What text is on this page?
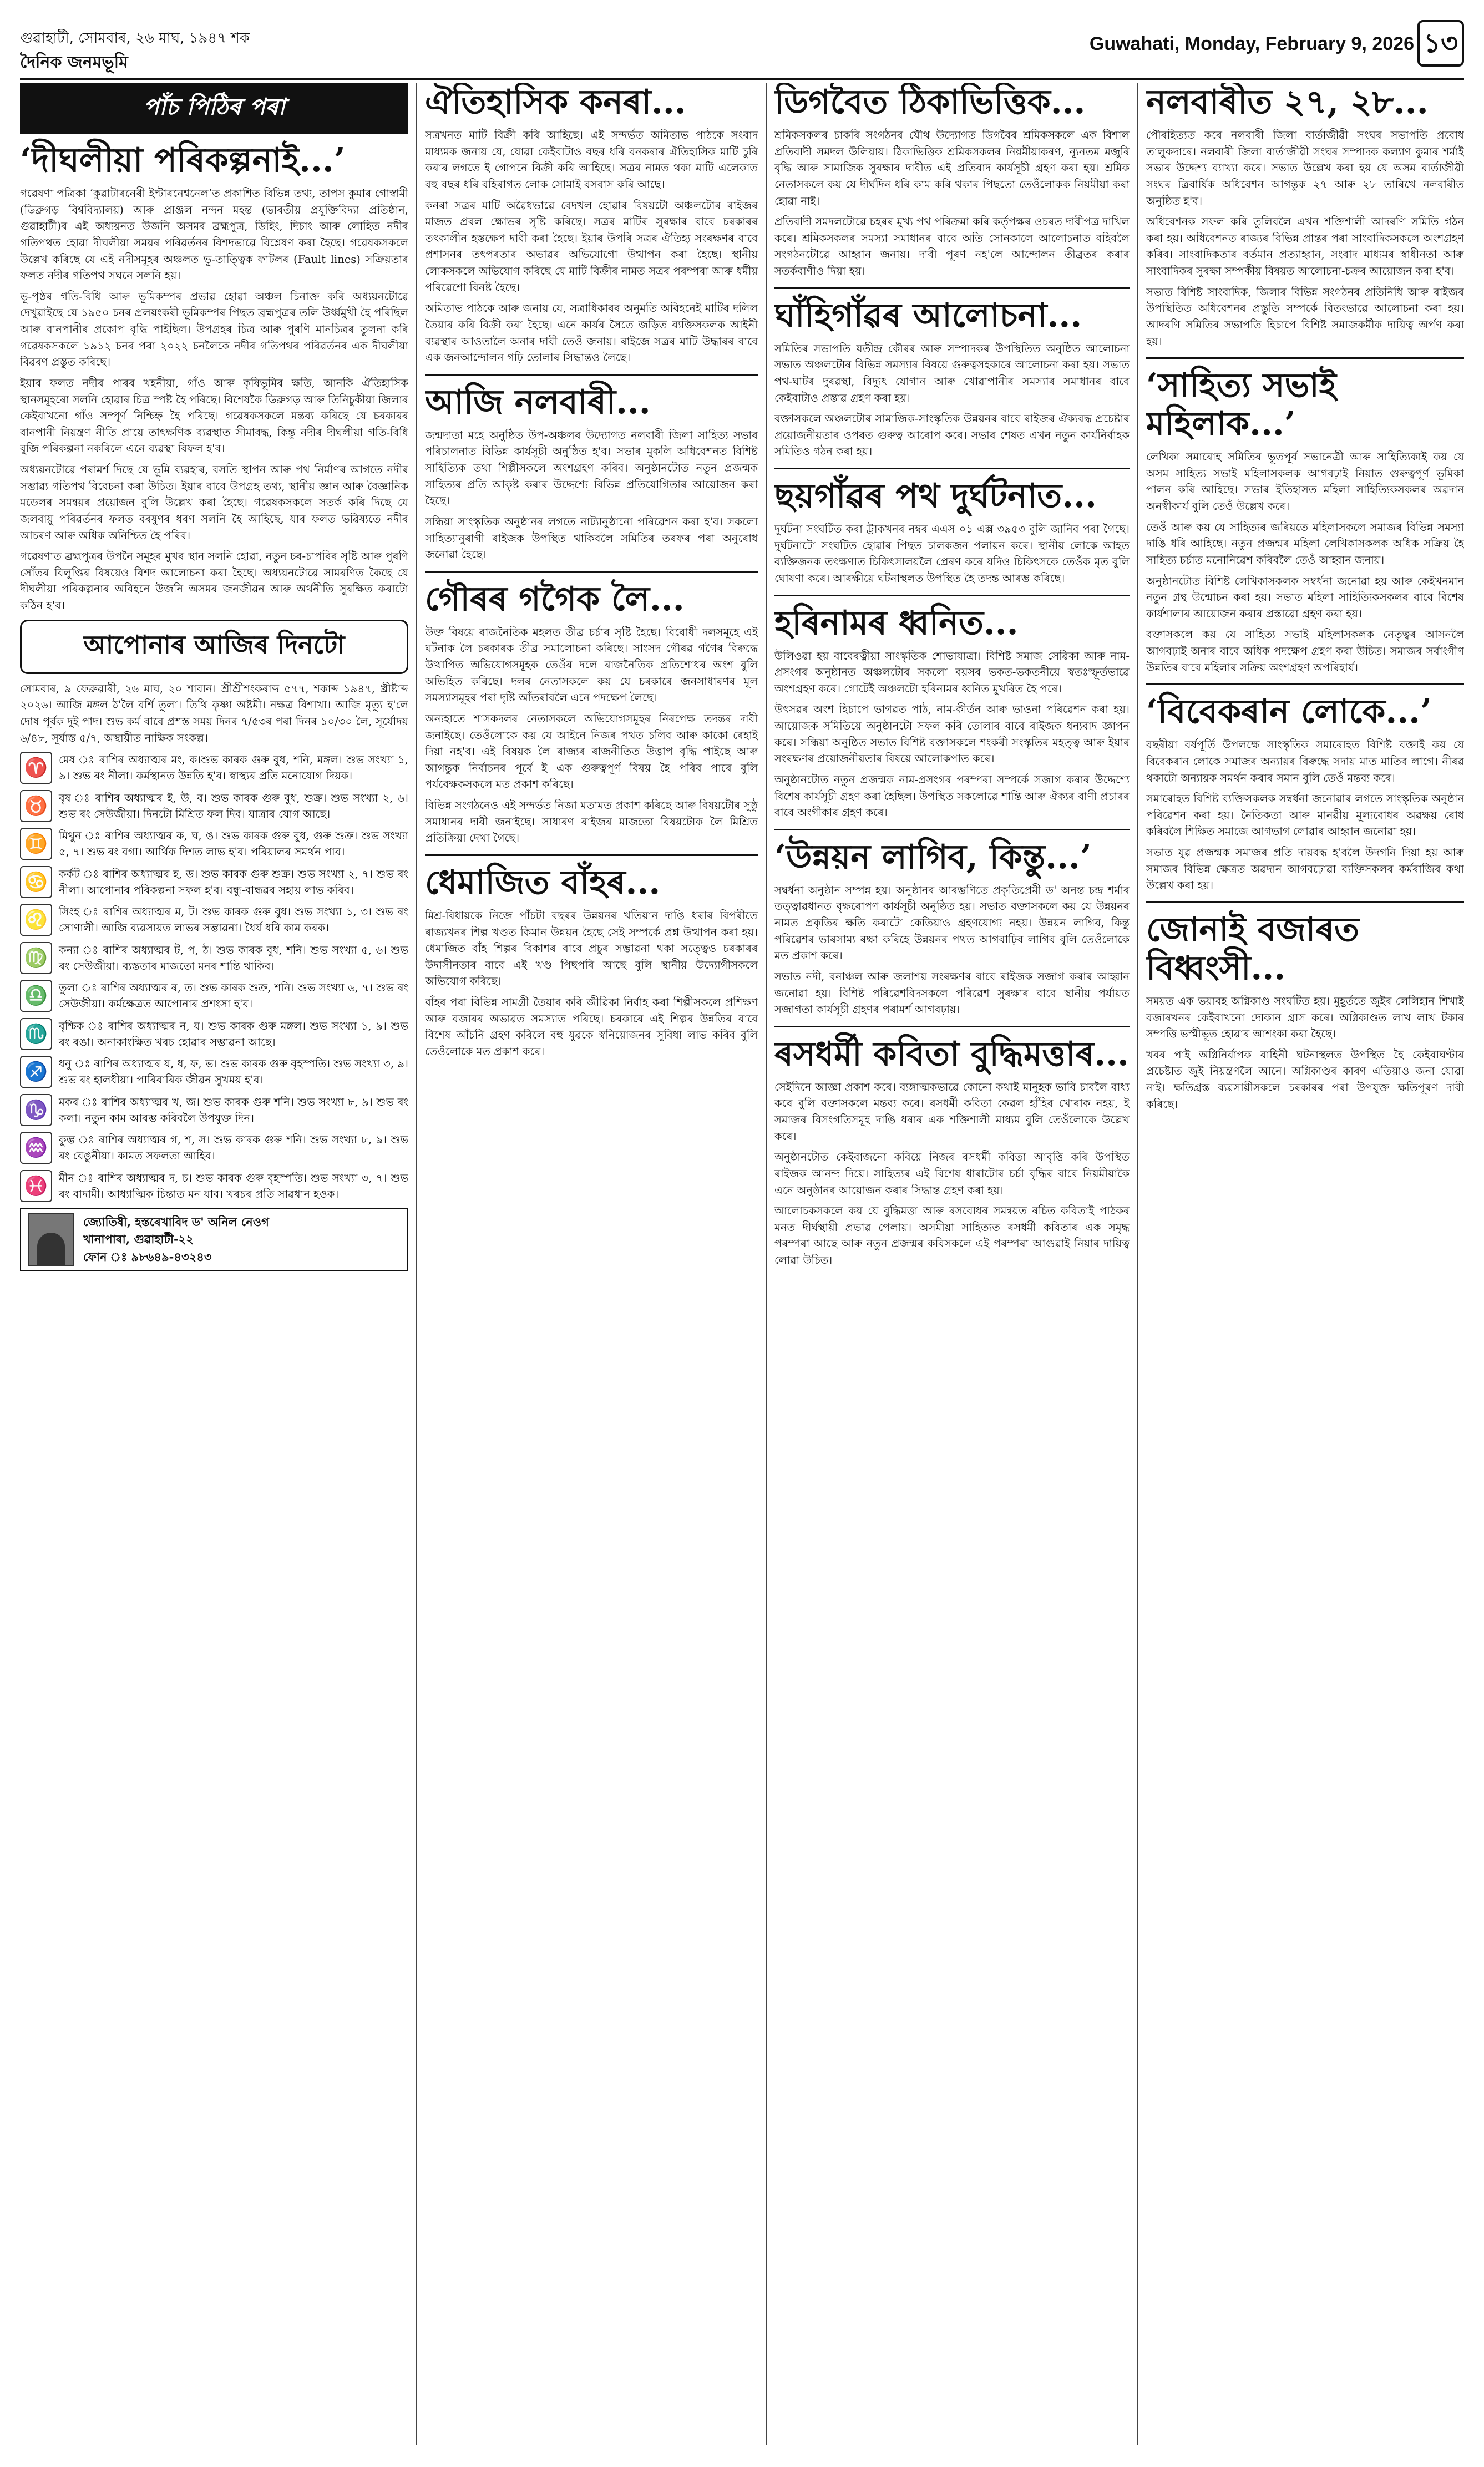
গুৱাহাটী, সোমবাৰ, ২৬ মাঘ, ১৯৪৭ শক
দৈনিক জনমভূমি
Guwahati, Monday, February 9, 2026 ১৩
পাঁচ পিঠিৰ পৰা
‘দীঘলীয়া পৰিকল্পনাই...’

গৱেষণা পত্ৰিকা ‘কুৱাটাৰনেৰী ইণ্টাৰনেশ্বনেল’ত প্ৰকাশিত বিভিন্ন তথ্য, তাপস কুমাৰ গোস্বামী (ডিব্ৰুগড় বিশ্ববিদ্যালয়) আৰু প্ৰাঞ্জল নন্দন মহন্ত (ভাৰতীয় প্ৰযুক্তিবিদ্যা প্ৰতিষ্ঠান, গুৱাহাটী)ৰ এই অধ্যয়নত উজনি অসমৰ ব্ৰহ্মপুত্ৰ, ডিহিং, দিচাং আৰু লোহিত নদীৰ গতিপথত হোৱা দীঘলীয়া সময়ৰ পৰিৱৰ্তনৰ বিশদভাৱে বিশ্লেষণ কৰা হৈছে। গৱেষকসকলে উল্লেখ কৰিছে যে এই নদীসমূহৰ অঞ্চলত ভূ-তাত্ত্বিক ফাটলৰ (Fault lines) সক্ৰিয়তাৰ ফলত নদীৰ গতিপথ সঘনে সলনি হয়।

ভূ-পৃষ্ঠৰ গতি-বিধি আৰু ভূমিকম্পৰ প্ৰভাৱ হোৱা অঞ্চল চিনাক্ত কৰি অধ্যয়নটোৱে দেখুৱাইছে যে ১৯৫০ চনৰ প্ৰলয়ংকৰী ভূমিকম্পৰ পিছত ব্ৰহ্মপুত্ৰৰ তলি উৰ্ধ্বমুখী হৈ পৰিছিল আৰু বানপানীৰ প্ৰকোপ বৃদ্ধি পাইছিল। উপগ্ৰহৰ চিত্ৰ আৰু পুৰণি মানচিত্ৰৰ তুলনা কৰি গৱেষকসকলে ১৯১২ চনৰ পৰা ২০২২ চনলৈকে নদীৰ গতিপথৰ পৰিৱৰ্তনৰ এক দীঘলীয়া বিৱৰণ প্ৰস্তুত কৰিছে।

ইয়াৰ ফলত নদীৰ পাৰৰ খহনীয়া, গাঁও আৰু কৃষিভূমিৰ ক্ষতি, আনকি ঐতিহাসিক স্থানসমূহৰো সলনি হোৱাৰ চিত্ৰ স্পষ্ট হৈ পৰিছে। বিশেষকৈ ডিব্ৰুগড় আৰু তিনিচুকীয়া জিলাৰ কেইবাখনো গাঁও সম্পূৰ্ণ নিশ্চিহ্ন হৈ পৰিছে। গৱেষকসকলে মন্তব্য কৰিছে যে চৰকাৰৰ বানপানী নিয়ন্ত্ৰণ নীতি প্ৰায়ে তাৎক্ষণিক ব্যৱস্থাত সীমাবদ্ধ, কিন্তু নদীৰ দীঘলীয়া গতি-বিধি বুজি পৰিকল্পনা নকৰিলে এনে ব্যৱস্থা বিফল হ'ব।

অধ্যয়নটোৱে পৰামৰ্শ দিছে যে ভূমি ব্যৱহাৰ, বসতি স্থাপন আৰু পথ নিৰ্মাণৰ আগতে নদীৰ সম্ভাৱ্য গতিপথ বিবেচনা কৰা উচিত। ইয়াৰ বাবে উপগ্ৰহ তথ্য, স্থানীয় জ্ঞান আৰু বৈজ্ঞানিক মডেলৰ সমন্বয়ৰ প্ৰয়োজন বুলি উল্লেখ কৰা হৈছে। গৱেষকসকলে সতৰ্ক কৰি দিছে যে জলবায়ু পৰিৱৰ্তনৰ ফলত বৰষুণৰ ধৰণ সলনি হৈ আহিছে, যাৰ ফলত ভৱিষ্যতে নদীৰ আচৰণ আৰু অধিক অনিশ্চিত হৈ পৰিব।

গৱেষণাত ব্ৰহ্মপুত্ৰৰ উপনৈ সমূহৰ মুখৰ স্থান সলনি হোৱা, নতুন চৰ-চাপৰিৰ সৃষ্টি আৰু পুৰণি সোঁতৰ বিলুপ্তিৰ বিষয়েও বিশদ আলোচনা কৰা হৈছে। অধ্যয়নটোৱে সামৰণিত কৈছে যে দীঘলীয়া পৰিকল্পনাৰ অবিহনে উজনি অসমৰ জনজীৱন আৰু অৰ্থনীতি সুৰক্ষিত কৰাটো কঠিন হ'ব।

আপোনাৰ আজিৰ দিনটো
সোমবাৰ, ৯ ফেব্ৰুৱাৰী, ২৬ মাঘ, ২০ শাবান। শ্ৰীশ্ৰীশংকৰাব্দ ৫৭৭, শকাব্দ ১৯৪৭, খ্ৰীষ্টাব্দ ২০২৬। আজি মঙ্গল ঠ'লৈ বৰ্শি তুলা। তিথি কৃষ্ণা অষ্টমী। নক্ষত্ৰ বিশাখা। আজি মৃত্যু হ'লে দোষ পূৰ্বক দুই পাদ। শুভ কৰ্ম বাবে প্ৰশস্ত সময় দিনৰ ৭/৫৩ৰ পৰা দিনৰ ১০/৩০ লৈ, সূৰ্যোদয় ৬/৪৮, সূৰ্যাস্ত ৫/৭, অস্থায়ীত নাক্ষিক সংকল্প।
♈	মেষ ঃ ৰাশিৰ অধ্যাত্মৰ মং, ক।শুভ কাৰক গুৰু বুধ, শনি, মঙ্গল। শুভ সংখ্যা ১, ৯। শুভ ৰং নীলা। কৰ্মস্থানত উন্নতি হ'ব। স্বাস্থ্যৰ প্ৰতি মনোযোগ দিয়ক।
♉	বৃষ ঃ ৰাশিৰ অধ্যাত্মৰ ই, উ, ব। শুভ কাৰক গুৰু বুধ, শুক্ৰ। শুভ সংখ্যা ২, ৬। শুভ ৰং সেউজীয়া। দিনটো মিশ্ৰিত ফল দিব। যাত্ৰাৰ যোগ আছে।
♊	মিথুন ঃ ৰাশিৰ অধ্যাত্মৰ ক, ঘ, ঙ। শুভ কাৰক গুৰু বুধ, গুৰু শুক্ৰ। শুভ সংখ্যা ৫, ৭। শুভ ৰং বগা। আৰ্থিক দিশত লাভ হ'ব। পৰিয়ালৰ সমৰ্থন পাব।
♋	কৰ্কট ঃ ৰাশিৰ অধ্যাত্মৰ হ, ড। শুভ কাৰক গুৰু শুক্ৰ। শুভ সংখ্যা ২, ৭। শুভ ৰং নীলা। আপোনাৰ পৰিকল্পনা সফল হ'ব। বন্ধু-বান্ধৱৰ সহায় লাভ কৰিব।
♌	সিংহ ঃ ৰাশিৰ অধ্যাত্মৰ ম, ট। শুভ কাৰক গুৰু বুধ। শুভ সংখ্যা ১, ৩। শুভ ৰং সোণালী। আজি ব্যৱসায়ত লাভৰ সম্ভাৱনা। ধৈৰ্য ধৰি কাম কৰক।
♍	কন্যা ঃ ৰাশিৰ অধ্যাত্মৰ ট, প, ঠ। শুভ কাৰক বুধ, শনি। শুভ সংখ্যা ৫, ৬। শুভ ৰং সেউজীয়া। ব্যস্ততাৰ মাজতো মনৰ শান্তি থাকিব।
♎	তুলা ঃ ৰাশিৰ অধ্যাত্মৰ ৰ, ত। শুভ কাৰক শুক্ৰ, শনি। শুভ সংখ্যা ৬, ৭। শুভ ৰং সেউজীয়া। কৰ্মক্ষেত্ৰত আপোনাৰ প্ৰশংসা হ'ব।
♏	বৃশ্চিক ঃ ৰাশিৰ অধ্যাত্মৰ ন, য। শুভ কাৰক গুৰু মঙ্গল। শুভ সংখ্যা ১, ৯। শুভ ৰং ৰঙা। অনাকাংক্ষিত খৰচ হোৱাৰ সম্ভাৱনা আছে।
♐	ধনু ঃ ৰাশিৰ অধ্যাত্মৰ য, ধ, ফ, ভ। শুভ কাৰক গুৰু বৃহস্পতি। শুভ সংখ্যা ৩, ৯। শুভ ৰং হালধীয়া। পাৰিবাৰিক জীৱন সুখময় হ'ব।
♑	মকৰ ঃ ৰাশিৰ অধ্যাত্মৰ খ, জ। শুভ কাৰক গুৰু শনি। শুভ সংখ্যা ৮, ৯। শুভ ৰং কলা। নতুন কাম আৰম্ভ কৰিবলৈ উপযুক্ত দিন।
♒	কুম্ভ ঃ ৰাশিৰ অধ্যাত্মৰ গ, শ, স। শুভ কাৰক গুৰু শনি। শুভ সংখ্যা ৮, ৯। শুভ ৰং বেঙুনীয়া। কামত সফলতা আহিব।
♓	মীন ঃ ৰাশিৰ অধ্যাত্মৰ দ, চ। শুভ কাৰক গুৰু বৃহস্পতি। শুভ সংখ্যা ৩, ৭। শুভ ৰং বাদামী। আধ্যাত্মিক চিন্তাত মন যাব। খৰচৰ প্ৰতি সাৱধান হওক।
জ্যোতিষী, হস্তৰেখাবিদ ড' অনিল নেওগ
খানাপাৰা, গুৱাহাটী-২২
ফোন ঃ ৯৮৬৪৯-৪৩২৪৩
ঐতিহাসিক কনৰা...

সত্ৰখনত মাটি বিক্ৰী কৰি আহিছে। এই সন্দৰ্ভত অমিতাভ পাঠকে সংবাদ মাধ্যমক জনায় যে, যোৱা কেইবাটাও বছৰ ধৰি বনকৰাৰ ঐতিহাসিক মাটি চুৰি কৰাৰ লগতে ই গোপনে বিক্ৰী কৰি আহিছে। সত্ৰৰ নামত থকা মাটি এলেকাত বহু বছৰ ধৰি বহিৰাগত লোক সোমাই বসবাস কৰি আছে।

কনৰা সত্ৰৰ মাটি অৱৈধভাৱে বেদখল হোৱাৰ বিষয়টো অঞ্চলটোৰ ৰাইজৰ মাজত প্ৰবল ক্ষোভৰ সৃষ্টি কৰিছে। সত্ৰৰ মাটিৰ সুৰক্ষাৰ বাবে চৰকাৰৰ তৎকালীন হস্তক্ষেপ দাবী কৰা হৈছে। ইয়াৰ উপৰি সত্ৰৰ ঐতিহ্য সংৰক্ষণৰ বাবে প্ৰশাসনৰ তৎপৰতাৰ অভাৱৰ অভিযোগো উত্থাপন কৰা হৈছে। স্থানীয় লোকসকলে অভিযোগ কৰিছে যে মাটি বিক্ৰীৰ নামত সত্ৰৰ পৰম্পৰা আৰু ধৰ্মীয় পৰিৱেশো বিনষ্ট হৈছে।

অমিতাভ পাঠকে আৰু জনায় যে, সত্ৰাধিকাৰৰ অনুমতি অবিহনেই মাটিৰ দলিল তৈয়াৰ কৰি বিক্ৰী কৰা হৈছে। এনে কাৰ্যৰ সৈতে জড়িত ব্যক্তিসকলক আইনী ব্যৱস্থাৰ আওতালৈ অনাৰ দাবী তেওঁ জনায়। ৰাইজে সত্ৰৰ মাটি উদ্ধাৰৰ বাবে এক জনআন্দোলন গঢ়ি তোলাৰ সিদ্ধান্তও লৈছে।

আজি নলবাৰী...

জন্মদাতা মহে অনুষ্ঠিত উপ-অঞ্চলৰ উদ্যোগত নলবাৰী জিলা সাহিত্য সভাৰ পৰিচালনাত বিভিন্ন কাৰ্যসূচী অনুষ্ঠিত হ'ব। সভাৰ মুকলি অধিবেশনত বিশিষ্ট সাহিত্যিক তথা শিল্পীসকলে অংশগ্ৰহণ কৰিব। অনুষ্ঠানটোত নতুন প্ৰজন্মক সাহিত্যৰ প্ৰতি আকৃষ্ট কৰাৰ উদ্দেশ্যে বিভিন্ন প্ৰতিযোগিতাৰ আয়োজন কৰা হৈছে।

সন্ধিয়া সাংস্কৃতিক অনুষ্ঠানৰ লগতে নাট্যানুষ্ঠানো পৰিৱেশন কৰা হ'ব। সকলো সাহিত্যানুৰাগী ৰাইজক উপস্থিত থাকিবলৈ সমিতিৰ তৰফৰ পৰা অনুৰোধ জনোৱা হৈছে।

গৌৰৰ গগৈক লৈ...

উক্ত বিষয়ে ৰাজনৈতিক মহলত তীব্ৰ চৰ্চাৰ সৃষ্টি হৈছে। বিৰোধী দলসমূহে এই ঘটনাক লৈ চৰকাৰক তীব্ৰ সমালোচনা কৰিছে। সাংসদ গৌৰৱ গগৈৰ বিৰুদ্ধে উত্থাপিত অভিযোগসমূহক তেওঁৰ দলে ৰাজনৈতিক প্ৰতিশোধৰ অংশ বুলি অভিহিত কৰিছে। দলৰ নেতাসকলে কয় যে চৰকাৰে জনসাধাৰণৰ মূল সমস্যাসমূহৰ পৰা দৃষ্টি আঁতৰাবলৈ এনে পদক্ষেপ লৈছে।

অন্যহাতে শাসকদলৰ নেতাসকলে অভিযোগসমূহৰ নিৰপেক্ষ তদন্তৰ দাবী জনাইছে। তেওঁলোকে কয় যে আইনে নিজৰ পথত চলিব আৰু কাকো ৰেহাই দিয়া নহ'ব। এই বিষয়ক লৈ ৰাজ্যৰ ৰাজনীতিত উত্তাপ বৃদ্ধি পাইছে আৰু আগন্তুক নিৰ্বাচনৰ পূৰ্বে ই এক গুৰুত্বপূৰ্ণ বিষয় হৈ পৰিব পাৰে বুলি পৰ্যবেক্ষকসকলে মত প্ৰকাশ কৰিছে।

বিভিন্ন সংগঠনেও এই সন্দৰ্ভত নিজা মতামত প্ৰকাশ কৰিছে আৰু বিষয়টোৰ সুষ্ঠু সমাধানৰ দাবী জনাইছে। সাধাৰণ ৰাইজৰ মাজতো বিষয়টোক লৈ মিশ্ৰিত প্ৰতিক্ৰিয়া দেখা গৈছে।

ধেমাজিত বাঁহৰ...

মিশ্ৰ-বিধায়কে নিজে পাঁচটা বছৰৰ উন্নয়নৰ খতিয়ান দাঙি ধৰাৰ বিপৰীতে ৰাজ্যখনৰ শিল্প খণ্ডত কিমান উন্নয়ন হৈছে সেই সম্পৰ্কে প্ৰশ্ন উত্থাপন কৰা হয়। ধেমাজিত বাঁহ শিল্পৰ বিকাশৰ বাবে প্ৰচুৰ সম্ভাৱনা থকা সত্ত্বেও চৰকাৰৰ উদাসীনতাৰ বাবে এই খণ্ড পিছপৰি আছে বুলি স্থানীয় উদ্যোগীসকলে অভিযোগ কৰিছে।

বাঁহৰ পৰা বিভিন্ন সামগ্ৰী তৈয়াৰ কৰি জীৱিকা নিৰ্বাহ কৰা শিল্পীসকলে প্ৰশিক্ষণ আৰু বজাৰৰ অভাৱত সমস্যাত পৰিছে। চৰকাৰে এই শিল্পৰ উন্নতিৰ বাবে বিশেষ আঁচনি গ্ৰহণ কৰিলে বহু যুৱকে স্বনিয়োজনৰ সুবিধা লাভ কৰিব বুলি তেওঁলোকে মত প্ৰকাশ কৰে।

ডিগবৈত ঠিকাভিত্তিক...

শ্ৰমিকসকলৰ চাকৰি সংগঠনৰ যৌথ উদ্যোগত ডিগবৈৰ শ্ৰমিকসকলে এক বিশাল প্ৰতিবাদী সমদল উলিয়ায়। ঠিকাভিত্তিক শ্ৰমিকসকলৰ নিয়মীয়াকৰণ, ন্যূনতম মজুৰি বৃদ্ধি আৰু সামাজিক সুৰক্ষাৰ দাবীত এই প্ৰতিবাদ কাৰ্যসূচী গ্ৰহণ কৰা হয়। শ্ৰমিক নেতাসকলে কয় যে দীৰ্ঘদিন ধৰি কাম কৰি থকাৰ পিছতো তেওঁলোকক নিয়মীয়া কৰা হোৱা নাই।

প্ৰতিবাদী সমদলটোৱে চহৰৰ মুখ্য পথ পৰিক্ৰমা কৰি কৰ্তৃপক্ষৰ ওচৰত দাবীপত্ৰ দাখিল কৰে। শ্ৰমিকসকলৰ সমস্যা সমাধানৰ বাবে অতি সোনকালে আলোচনাত বহিবলৈ সংগঠনটোৱে আহ্বান জনায়। দাবী পূৰণ নহ'লে আন্দোলন তীব্ৰতৰ কৰাৰ সতৰ্কবাণীও দিয়া হয়।

ঘাঁহিগাঁৱৰ আলোচনা...

সমিতিৰ সভাপতি যতীন্দ্ৰ কৌৰৰ আৰু সম্পাদকৰ উপস্থিতিত অনুষ্ঠিত আলোচনা সভাত অঞ্চলটোৰ বিভিন্ন সমস্যাৰ বিষয়ে গুৰুত্বসহকাৰে আলোচনা কৰা হয়। সভাত পথ-ঘাটৰ দুৰৱস্থা, বিদ্যুৎ যোগান আৰু খোৱাপানীৰ সমস্যাৰ সমাধানৰ বাবে কেইবাটাও প্ৰস্তাৱ গ্ৰহণ কৰা হয়।

বক্তাসকলে অঞ্চলটোৰ সামাজিক-সাংস্কৃতিক উন্নয়নৰ বাবে ৰাইজৰ ঐক্যবদ্ধ প্ৰচেষ্টাৰ প্ৰয়োজনীয়তাৰ ওপৰত গুৰুত্ব আৰোপ কৰে। সভাৰ শেষত এখন নতুন কাৰ্যনিৰ্বাহক সমিতিও গঠন কৰা হয়।

ছয়গাঁৱৰ পথ দুৰ্ঘটনাত...

দুৰ্ঘটনা সংঘটিত কৰা ট্ৰাকখনৰ নম্বৰ এএস ০১ এক্স ৩৯৫৩ বুলি জানিব পৰা গৈছে। দুৰ্ঘটনাটো সংঘটিত হোৱাৰ পিছত চালকজন পলায়ন কৰে। স্থানীয় লোকে আহত ব্যক্তিজনক তৎক্ষণাত চিকিৎসালয়লৈ প্ৰেৰণ কৰে যদিও চিকিৎসকে তেওঁক মৃত বুলি ঘোষণা কৰে। আৰক্ষীয়ে ঘটনাস্থলত উপস্থিত হৈ তদন্ত আৰম্ভ কৰিছে।

হৰিনামৰ ধ্বনিত...

উলিওৱা হয় বাবেৰত্নীয়া সাংস্কৃতিক শোভাযাত্ৰা। বিশিষ্ট সমাজ সেৱিকা আৰু নাম-প্ৰসংগৰ অনুষ্ঠানত অঞ্চলটোৰ সকলো বয়সৰ ভকত-ভকতনীয়ে স্বতঃস্ফূৰ্তভাৱে অংশগ্ৰহণ কৰে। গোটেই অঞ্চলটো হৰিনামৰ ধ্বনিত মুখৰিত হৈ পৰে।

উৎসৱৰ অংশ হিচাপে ভাগৱত পাঠ, নাম-কীৰ্তন আৰু ভাওনা পৰিৱেশন কৰা হয়। আয়োজক সমিতিয়ে অনুষ্ঠানটো সফল কৰি তোলাৰ বাবে ৰাইজক ধন্যবাদ জ্ঞাপন কৰে। সন্ধিয়া অনুষ্ঠিত সভাত বিশিষ্ট বক্তাসকলে শংকৰী সংস্কৃতিৰ মহত্ত্ব আৰু ইয়াৰ সংৰক্ষণৰ প্ৰয়োজনীয়তাৰ বিষয়ে আলোকপাত কৰে।

অনুষ্ঠানটোত নতুন প্ৰজন্মক নাম-প্ৰসংগৰ পৰম্পৰা সম্পৰ্কে সজাগ কৰাৰ উদ্দেশ্যে বিশেষ কাৰ্যসূচী গ্ৰহণ কৰা হৈছিল। উপস্থিত সকলোৱে শান্তি আৰু ঐক্যৰ বাণী প্ৰচাৰৰ বাবে অংগীকাৰ গ্ৰহণ কৰে।

‘উন্নয়ন লাগিব, কিন্তু...’

সম্বৰ্ধনা অনুষ্ঠান সম্পন্ন হয়। অনুষ্ঠানৰ আৰম্ভণিতে প্ৰকৃতিপ্ৰেমী ড' অনন্ত চন্দ্ৰ শৰ্মাৰ তত্ত্বাৱধানত বৃক্ষৰোপণ কাৰ্যসূচী অনুষ্ঠিত হয়। সভাত বক্তাসকলে কয় যে উন্নয়নৰ নামত প্ৰকৃতিৰ ক্ষতি কৰাটো কেতিয়াও গ্ৰহণযোগ্য নহয়। উন্নয়ন লাগিব, কিন্তু পৰিৱেশৰ ভাৰসাম্য ৰক্ষা কৰিহে উন্নয়নৰ পথত আগবাঢ়িব লাগিব বুলি তেওঁলোকে মত প্ৰকাশ কৰে।

সভাত নদী, বনাঞ্চল আৰু জলাশয় সংৰক্ষণৰ বাবে ৰাইজক সজাগ কৰাৰ আহ্বান জনোৱা হয়। বিশিষ্ট পৰিৱেশবিদসকলে পৰিৱেশ সুৰক্ষাৰ বাবে স্থানীয় পৰ্যায়ত সজাগতা কাৰ্যসূচী গ্ৰহণৰ পৰামৰ্শ আগবঢ়ায়।

ৰসধৰ্মী কবিতা বুদ্ধিমত্তাৰ...

সেইদিনে আজ্ঞা প্ৰকাশ কৰে। ব্যঙ্গাত্মকভাৱে কোনো কথাই মানুহক ভাবি চাবলৈ বাধ্য কৰে বুলি বক্তাসকলে মন্তব্য কৰে। ৰসধৰ্মী কবিতা কেৱল হাঁহিৰ খোৰাক নহয়, ই সমাজৰ বিসংগতিসমূহ দাঙি ধৰাৰ এক শক্তিশালী মাধ্যম বুলি তেওঁলোকে উল্লেখ কৰে।

অনুষ্ঠানটোত কেইবাজনো কবিয়ে নিজৰ ৰসধৰ্মী কবিতা আবৃত্তি কৰি উপস্থিত ৰাইজক আনন্দ দিয়ে। সাহিত্যৰ এই বিশেষ ধাৰাটোৰ চৰ্চা বৃদ্ধিৰ বাবে নিয়মীয়াকৈ এনে অনুষ্ঠানৰ আয়োজন কৰাৰ সিদ্ধান্ত গ্ৰহণ কৰা হয়।

আলোচকসকলে কয় যে বুদ্ধিমত্তা আৰু ৰসবোধৰ সমন্বয়ত ৰচিত কবিতাই পাঠকৰ মনত দীৰ্ঘস্থায়ী প্ৰভাৱ পেলায়। অসমীয়া সাহিত্যত ৰসধৰ্মী কবিতাৰ এক সমৃদ্ধ পৰম্পৰা আছে আৰু নতুন প্ৰজন্মৰ কবিসকলে এই পৰম্পৰা আগুৱাই নিয়াৰ দায়িত্ব লোৱা উচিত।

নলবাৰীত ২৭, ২৮...

পৌৰহিত্যত কৰে নলবাৰী জিলা বাৰ্তাজীৱী সংঘৰ সভাপতি প্ৰবোধ তালুকদাৰে। নলবাৰী জিলা বাৰ্তাজীৱী সংঘৰ সম্পাদক কল্যাণ কুমাৰ শৰ্মাই সভাৰ উদ্দেশ্য ব্যাখ্যা কৰে। সভাত উল্লেখ কৰা হয় যে অসম বাৰ্তাজীৱী সংঘৰ ত্ৰিবাৰ্ষিক অধিবেশন আগন্তুক ২৭ আৰু ২৮ তাৰিখে নলবাৰীত অনুষ্ঠিত হ'ব।

অধিবেশনক সফল কৰি তুলিবলৈ এখন শক্তিশালী আদৰণি সমিতি গঠন কৰা হয়। অধিবেশনত ৰাজ্যৰ বিভিন্ন প্ৰান্তৰ পৰা সাংবাদিকসকলে অংশগ্ৰহণ কৰিব। সাংবাদিকতাৰ বৰ্তমান প্ৰত্যাহ্বান, সংবাদ মাধ্যমৰ স্বাধীনতা আৰু সাংবাদিকৰ সুৰক্ষা সম্পৰ্কীয় বিষয়ত আলোচনা-চক্ৰৰ আয়োজন কৰা হ'ব।

সভাত বিশিষ্ট সাংবাদিক, জিলাৰ বিভিন্ন সংগঠনৰ প্ৰতিনিধি আৰু ৰাইজৰ উপস্থিতিত অধিবেশনৰ প্ৰস্তুতি সম্পৰ্কে বিতংভাৱে আলোচনা কৰা হয়। আদৰণি সমিতিৰ সভাপতি হিচাপে বিশিষ্ট সমাজকৰ্মীক দায়িত্ব অৰ্পণ কৰা হয়।

‘সাহিত্য সভাই মহিলাক...’

লেখিকা সমাৰোহ সমিতিৰ ভূতপূৰ্ব সভানেত্ৰী আৰু সাহিত্যিকাই কয় যে অসম সাহিত্য সভাই মহিলাসকলক আগবঢ়াই নিয়াত গুৰুত্বপূৰ্ণ ভূমিকা পালন কৰি আহিছে। সভাৰ ইতিহাসত মহিলা সাহিত্যিকসকলৰ অৱদান অনস্বীকাৰ্য বুলি তেওঁ উল্লেখ কৰে।

তেওঁ আৰু কয় যে সাহিত্যৰ জৰিয়তে মহিলাসকলে সমাজৰ বিভিন্ন সমস্যা দাঙি ধৰি আহিছে। নতুন প্ৰজন্মৰ মহিলা লেখিকাসকলক অধিক সক্ৰিয় হৈ সাহিত্য চৰ্চাত মনোনিৱেশ কৰিবলৈ তেওঁ আহ্বান জনায়।

অনুষ্ঠানটোত বিশিষ্ট লেখিকাসকলক সম্বৰ্ধনা জনোৱা হয় আৰু কেইখনমান নতুন গ্ৰন্থ উন্মোচন কৰা হয়। সভাত মহিলা সাহিত্যিকসকলৰ বাবে বিশেষ কাৰ্যশালাৰ আয়োজন কৰাৰ প্ৰস্তাৱো গ্ৰহণ কৰা হয়।

বক্তাসকলে কয় যে সাহিত্য সভাই মহিলাসকলক নেতৃত্বৰ আসনলৈ আগবঢ়াই অনাৰ বাবে অধিক পদক্ষেপ গ্ৰহণ কৰা উচিত। সমাজৰ সৰ্বাংগীণ উন্নতিৰ বাবে মহিলাৰ সক্ৰিয় অংশগ্ৰহণ অপৰিহাৰ্য।

‘বিবেকৰান লোকে...’

বছৰীয়া বৰ্ষপূৰ্তি উপলক্ষে সাংস্কৃতিক সমাৰোহত বিশিষ্ট বক্তাই কয় যে বিবেকৰান লোকে সমাজৰ অন্যায়ৰ বিৰুদ্ধে সদায় মাত মাতিব লাগে। নীৰৱ থকাটো অন্যায়ক সমৰ্থন কৰাৰ সমান বুলি তেওঁ মন্তব্য কৰে।

সমাৰোহত বিশিষ্ট ব্যক্তিসকলক সম্বৰ্ধনা জনোৱাৰ লগতে সাংস্কৃতিক অনুষ্ঠান পৰিৱেশন কৰা হয়। নৈতিকতা আৰু মানৱীয় মূল্যবোধৰ অৱক্ষয় ৰোধ কৰিবলৈ শিক্ষিত সমাজে আগভাগ লোৱাৰ আহ্বান জনোৱা হয়।

সভাত যুৱ প্ৰজন্মক সমাজৰ প্ৰতি দায়বদ্ধ হ'বলৈ উদগনি দিয়া হয় আৰু সমাজৰ বিভিন্ন ক্ষেত্ৰত অৱদান আগবঢ়োৱা ব্যক্তিসকলৰ কৰ্মৰাজিৰ কথা উল্লেখ কৰা হয়।

জোনাই বজাৰত বিধ্বংসী...

সময়ত এক ভয়াবহ অগ্নিকাণ্ড সংঘটিত হয়। মুহূৰ্ততে জুইৰ লেলিহান শিখাই বজাৰখনৰ কেইবাখনো দোকান গ্ৰাস কৰে। অগ্নিকাণ্ডত লাখ লাখ টকাৰ সম্পত্তি ভস্মীভূত হোৱাৰ আশংকা কৰা হৈছে।

খবৰ পাই অগ্নিনিৰ্বাপক বাহিনী ঘটনাস্থলত উপস্থিত হৈ কেইবাঘণ্টাৰ প্ৰচেষ্টাত জুই নিয়ন্ত্ৰণলৈ আনে। অগ্নিকাণ্ডৰ কাৰণ এতিয়াও জনা যোৱা নাই। ক্ষতিগ্ৰস্ত ব্যৱসায়ীসকলে চৰকাৰৰ পৰা উপযুক্ত ক্ষতিপূৰণ দাবী কৰিছে।
